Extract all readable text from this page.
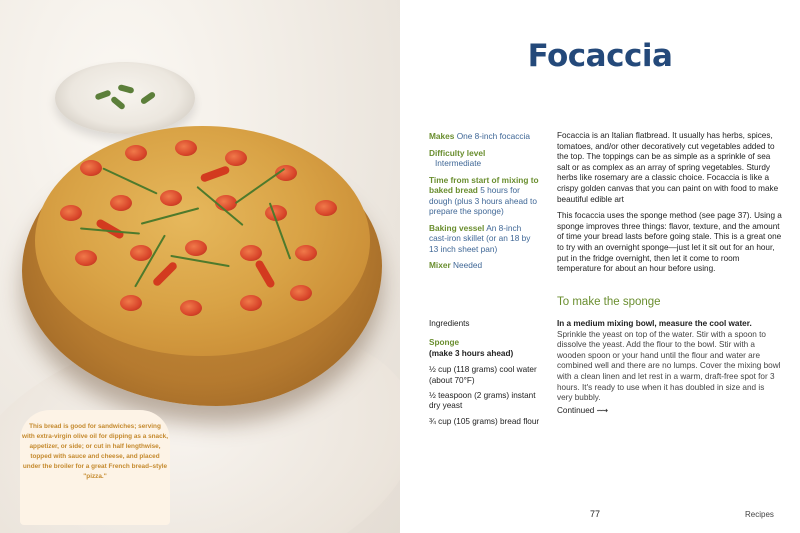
This bread is good for sandwiches; serving with extra-virgin olive oil for dipping as a snack, appetizer, or side; or cut in half lengthwise, topped with sauce and cheese, and placed under the broiler for a great French bread–style "pizza."
Focaccia
Makes One 8-inch focaccia
Difficulty level
Intermediate
Time from start of mixing to baked bread 5 hours for dough (plus 3 hours ahead to prepare the sponge)
Baking vessel An 8-inch cast-iron skillet (or an 18 by 13 inch sheet pan)
Mixer Needed

Focaccia is an Italian flatbread. It usually has herbs, spices, tomatoes, and/or other decoratively cut vegetables added to the top. The toppings can be as simple as a sprinkle of sea salt or as complex as an array of spring vegetables. Sturdy herbs like rosemary are a classic choice. Focaccia is like a crispy golden canvas that you can paint on with food to make beautiful edible art

This focaccia uses the sponge method (see page 37). Using a sponge improves three things: flavor, texture, and the amount of time your bread lasts before going stale. This is a great one to try with an overnight sponge—just let it sit out for an hour, put in the fridge overnight, then let it come to room temperature for about an hour before using.

To make the sponge
Ingredients
Sponge
(make 3 hours ahead)
½ cup (118 grams) cool water (about 70°F)
½ teaspoon (2 grams) instant dry yeast
¾ cup (105 grams) bread flour
In a medium mixing bowl, measure the cool water. Sprinkle the yeast on top of the water. Stir with a spoon to dissolve the yeast. Add the flour to the bowl. Stir with a wooden spoon or your hand until the flour and water are combined well and there are no lumps. Cover the mixing bowl with a clean linen and let rest in a warm, draft-free spot for 3 hours. It's ready to use when it has doubled in size and is very bubbly.
Continued ⟿
77	Recipes
